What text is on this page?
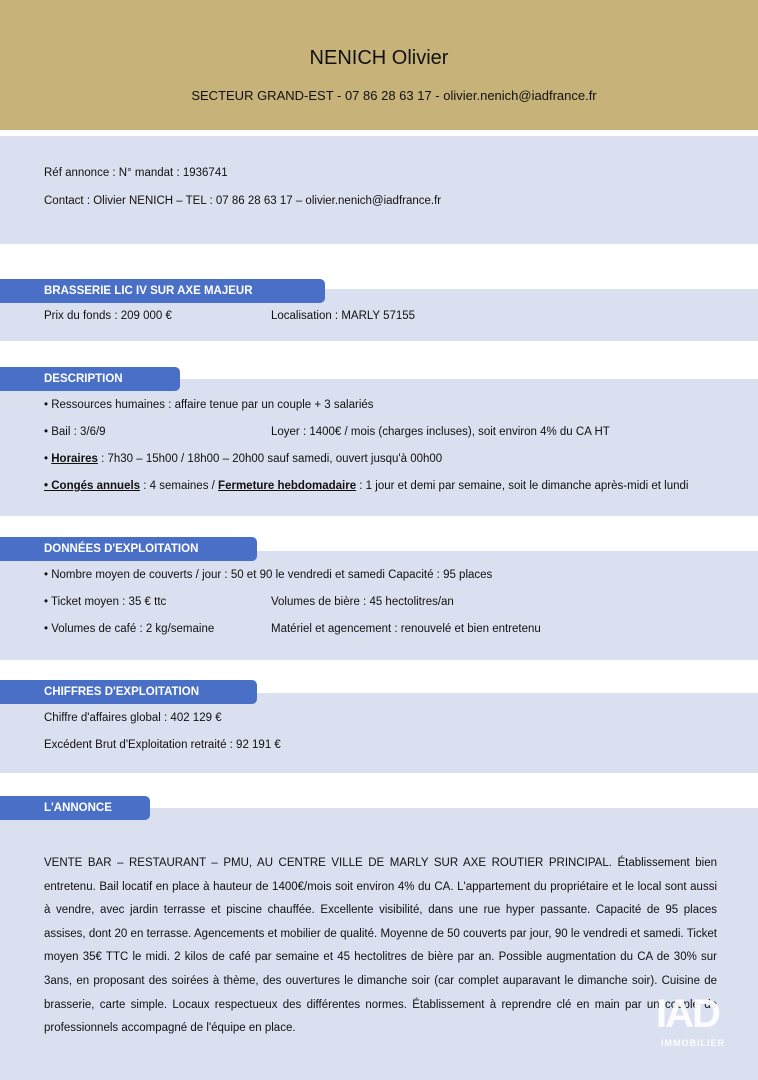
NENICH Olivier
SECTEUR GRAND-EST - 07 86 28 63 17 - olivier.nenich@iadfrance.fr
Réf annonce : N° mandat : 1936741
Contact : Olivier NENICH – TEL : 07 86 28 63 17 – olivier.nenich@iadfrance.fr
BRASSERIE LIC IV SUR AXE MAJEUR
Prix du fonds : 209 000 €	Localisation : MARLY 57155
DESCRIPTION
• Ressources humaines : affaire tenue par un couple + 3 salariés
• Bail : 3/6/9	Loyer : 1400€ / mois (charges incluses), soit environ 4% du CA HT
• Horaires : 7h30 – 15h00 / 18h00 – 20h00 sauf samedi, ouvert jusqu'à 00h00
• Congés annuels : 4 semaines / Fermeture hebdomadaire : 1 jour et demi par semaine, soit le dimanche après-midi et lundi
DONNÉES D'EXPLOITATION
• Nombre moyen de couverts / jour : 50 et 90 le vendredi et samedi Capacité : 95 places
• Ticket moyen : 35 € ttc	Volumes de bière : 45 hectolitres/an
• Volumes de café : 2 kg/semaine	Matériel et agencement : renouvelé et bien entretenu
CHIFFRES D'EXPLOITATION
Chiffre d'affaires global : 402 129 €
Excédent Brut d'Exploitation retraité : 92 191 €
L'ANNONCE
VENTE BAR – RESTAURANT – PMU, AU CENTRE VILLE DE MARLY SUR AXE ROUTIER PRINCIPAL. Établissement bien entretenu. Bail locatif en place à hauteur de 1400€/mois soit environ 4% du CA. L'appartement du propriétaire et le local sont aussi à vendre, avec jardin terrasse et piscine chauffée. Excellente visibilité, dans une rue hyper passante. Capacité de 95 places assises, dont 20 en terrasse. Agencements et mobilier de qualité. Moyenne de 50 couverts par jour, 90 le vendredi et samedi. Ticket moyen 35€ TTC le midi. 2 kilos de café par semaine et 45 hectolitres de bière par an. Possible augmentation du CA de 30% sur 3ans, en proposant des soirées à thème, des ouvertures le dimanche soir (car complet auparavant le dimanche soir). Cuisine de brasserie, carte simple. Locaux respectueux des différentes normes. Établissement à reprendre clé en main par un couple de professionnels accompagné de l'équipe en place.	IAD
IMMOBILIER
